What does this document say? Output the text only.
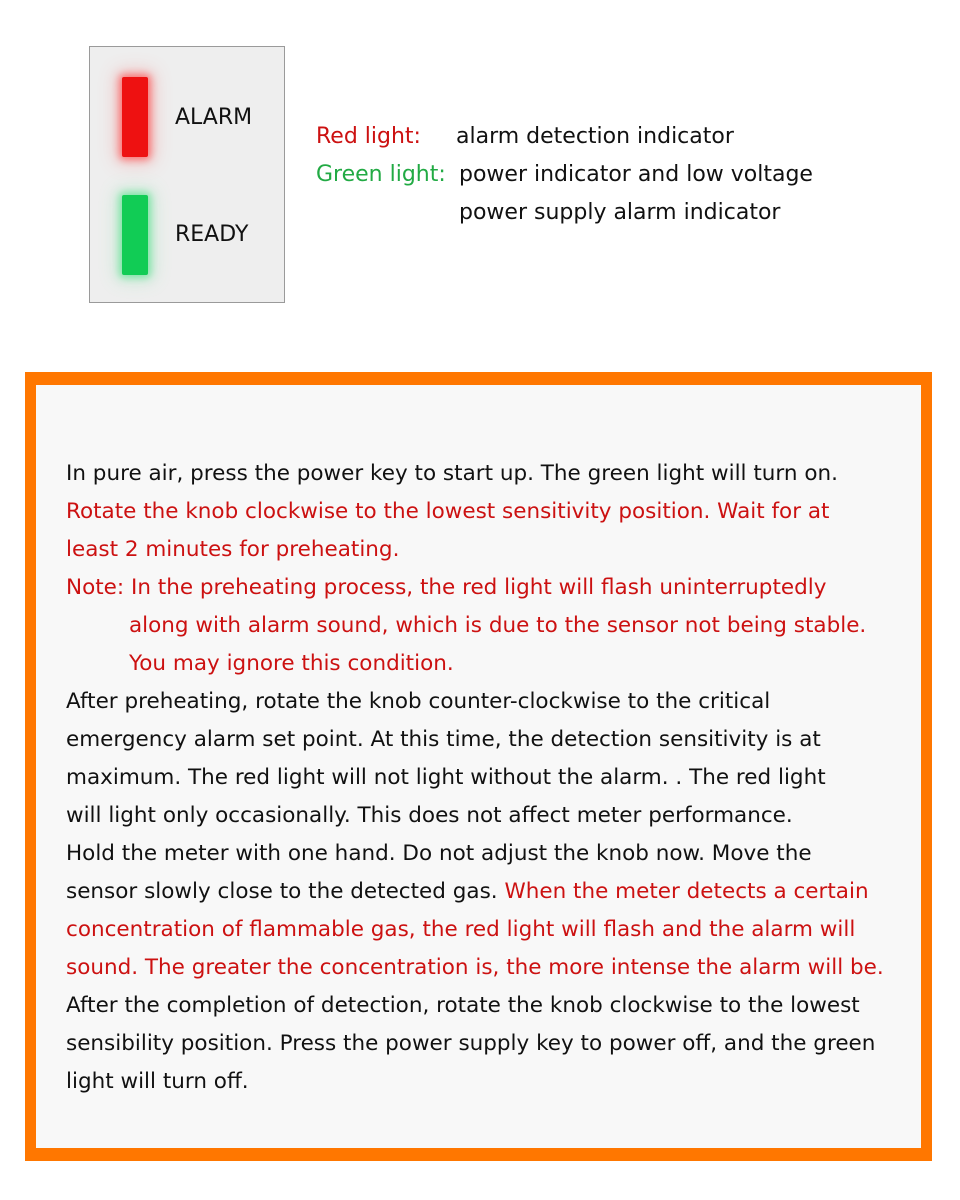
ALARM
READY
Red light: alarm detection indicator
Green light: power indicator and low voltage
power supply alarm indicator

In pure air, press the power key to start up. The green light will turn on.

Rotate the knob clockwise to the lowest sensitivity position. Wait for at

least 2 minutes for preheating.

Note: In the preheating process, the red light will flash uninterruptedly

along with alarm sound, which is due to the sensor not being stable.

You may ignore this condition.

After preheating, rotate the knob counter-clockwise to the critical

emergency alarm set point. At this time, the detection sensitivity is at

maximum. The red light will not light without the alarm. . The red light

will light only occasionally. This does not affect meter performance.

Hold the meter with one hand. Do not adjust the knob now. Move the

sensor slowly close to the detected gas. When the meter detects a certain

concentration of flammable gas, the red light will flash and the alarm will

sound. The greater the concentration is, the more intense the alarm will be.

After the completion of detection, rotate the knob clockwise to the lowest

sensibility position. Press the power supply key to power off, and the green

light will turn off.
